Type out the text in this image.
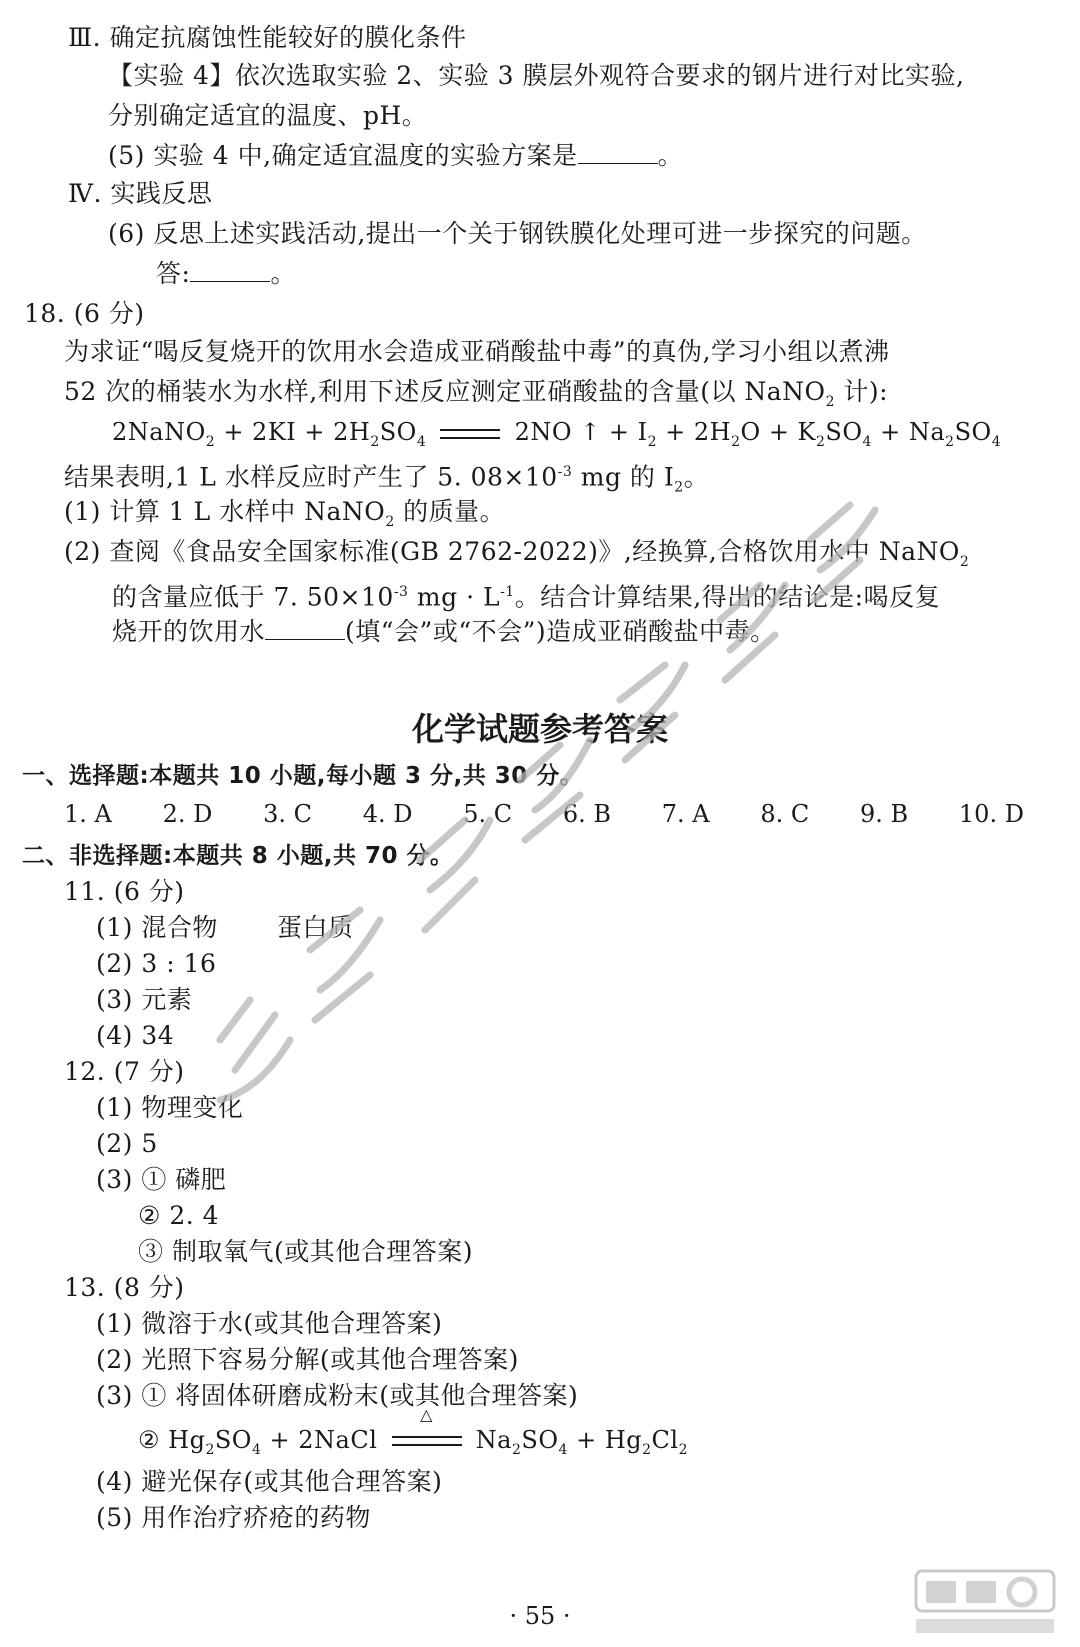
Ⅲ. 确定抗腐蚀性能较好的膜化条件
【实验 4】依次选取实验 2、实验 3 膜层外观符合要求的钢片进行对比实验,
分别确定适宜的温度、pH。
(5) 实验 4 中,确定适宜温度的实验方案是	。
Ⅳ. 实践反思
(6) 反思上述实践活动,提出一个关于钢铁膜化处理可进一步探究的问题。
答:	。
18. (6 分)
为求证“喝反复烧开的饮用水会造成亚硝酸盐中毒”的真伪,学习小组以煮沸
52 次的桶装水为水样,利用下述反应测定亚硝酸盐的含量(以 NaNO$_2$ 计):
2NaNO$_2$ + $2KI + 2H_2SO_4$	2NO ↑ + $I_2 + 2H_2O + K_2SO_4 + Na_2SO_4$
结果表明,1 L 水样反应时产生了 5. $08\times 10^{-3}$ mg 的 $I_2$。
(1) 计算 1 L 水样中 NaNO$_2$ 的质量。
(2) 查阅《食品安全国家标准(GB 2762-2022)》,经换算,合格饮用水中 NaNO$_2$
的含量应低于 7. $50\times 10^{-3}$ mg · $L^{-1}$。结合计算结果,得出的结论是:喝反复
烧开的饮用水	(填“会”或“不会”)造成亚硝酸盐中毒。
化学试题参考答案
一、选择题:本题共 10 小题,每小题 3 分,共 30 分。
1. A 2. D 3. C 4. D 5. C 6. B 7. A 8. C 9. B 10. D
二、非选择题:本题共 8 小题,共 70 分。
11. (6 分)
(1) 混合物       蛋白质
(2) 3 : 16
(3) 元素
(4) 34
12. (7 分)
(1) 物理变化
(2) 5
(3) ① 磷肥
② 2. 4
③ 制取氧气(或其他合理答案)
13. (8 分)
(1) 微溶于水(或其他合理答案)
(2) 光照下容易分解(或其他合理答案)
(3) ① 将固体研磨成粉末(或其他合理答案)
② $Hg_2SO_4$ + 2NaCl
△
$Na_2SO_4 + Hg_2Cl_2$
(4) 避光保存(或其他合理答案)
(5) 用作治疗疥疮的药物
· 55 ·
